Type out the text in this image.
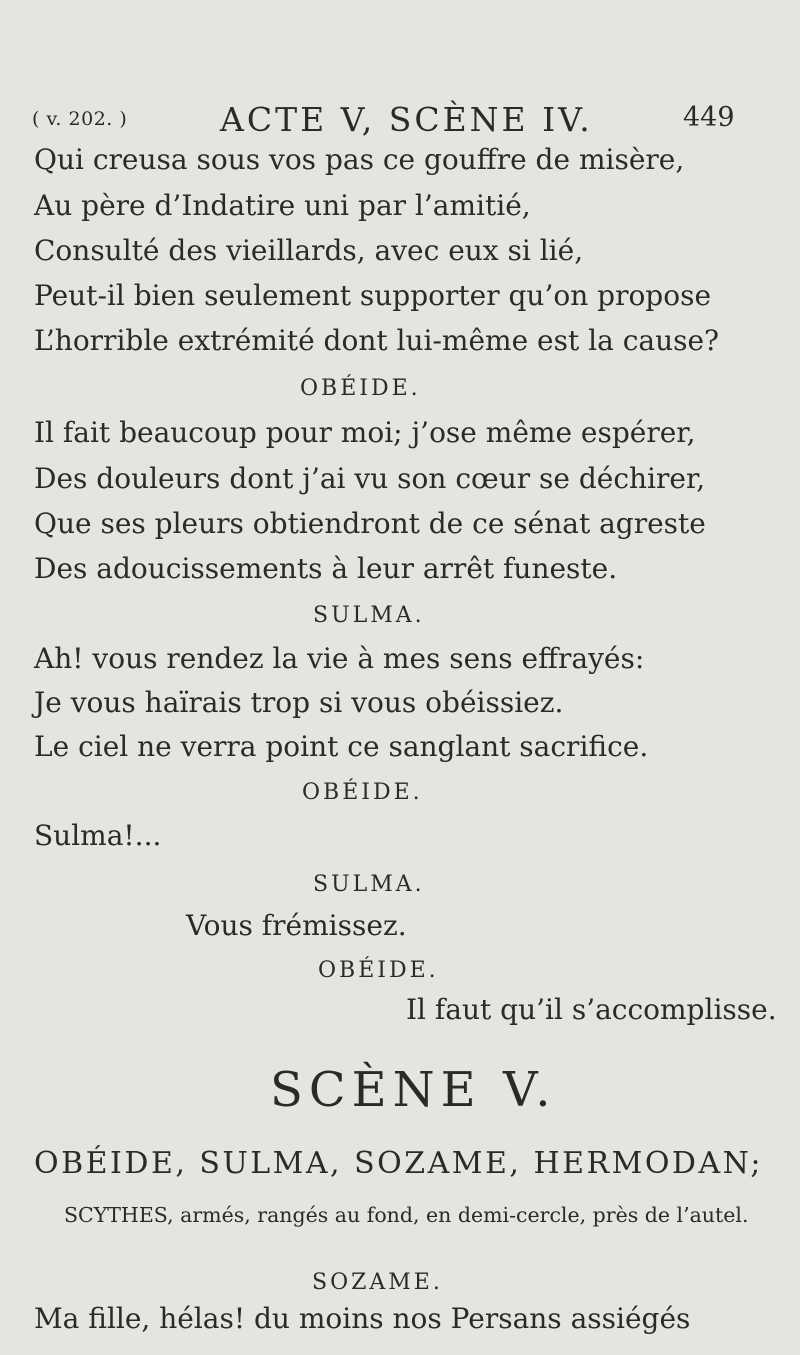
( v. 202. )	ACTE V, SCÈNE IV.	449
Qui creusa sous vos pas ce gouffre de misère,
Au père d’Indatire uni par l’amitié,
Consulté des vieillards, avec eux si lié,
Peut-il bien seulement supporter qu’on propose
L’horrible extrémité dont lui-même est la cause?
OBÉIDE.
Il fait beaucoup pour moi; j’ose même espérer,
Des douleurs dont j’ai vu son cœur se déchirer,
Que ses pleurs obtiendront de ce sénat agreste
Des adoucissements à leur arrêt funeste.
SULMA.
Ah! vous rendez la vie à mes sens effrayés:
Je vous haïrais trop si vous obéissiez.
Le ciel ne verra point ce sanglant sacrifice.
OBÉIDE.
Sulma!...
SULMA.
Vous frémissez.
OBÉIDE.
Il faut qu’il s’accomplisse.
SCÈNE V.
OBÉIDE, SULMA, SOZAME, HERMODAN;
SCYTHES, armés, rangés au fond, en demi-cercle, près de l’autel.
SOZAME.
Ma fille, hélas! du moins nos Persans assiégés
